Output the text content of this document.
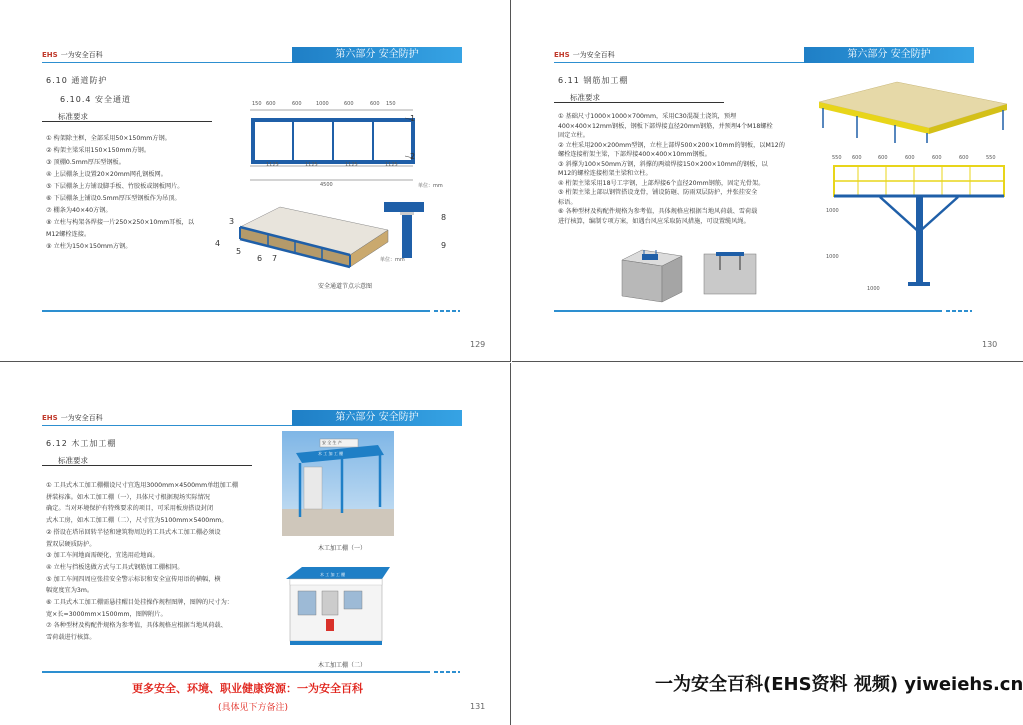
EHS 一为安全百科	第六部分 安全防护
6.10 通道防护
6.10.4 安全通道
标准要求
① 构架除主框，全部采用50×150mm方钢。
② 构架主梁采用150×150mm方钢。
③ 顶棚0.5mm厚压型钢板。
④ 上层棚条上设置20×20mm网孔钢板网。
⑤ 下层棚条上方铺设脚手板、竹胶板或钢板网片。
⑥ 下层棚条上铺设0.5mm厚压型钢板作为吊顶。
⑦ 棚条为40×40方钢。
⑧ 立柱与构架各焊接一片250×250×10mm耳板，以
M12螺栓连接。
⑨ 立柱为150×150mm方钢。
150 600	600	1000	600	600 150
1125	1125	1125	1125
4500	单位：mm
1
2
3
4
5
6 7
8
9
单位：mm
安全通道节点示意图
129
EHS 一为安全百科	第六部分 安全防护
6.11 钢筋加工棚
标准要求
① 基础尺寸1000×1000×700mm，采用C30混凝土浇筑，预埋
400×400×12mm钢板，钢板下部焊接直径20mm钢筋，并预埋4个M18螺栓
固定立柱。
② 立柱采用200×200mm型钢，立柱上部焊500×200×10mm的钢板，以M12的
螺栓连接桁架主梁，下部焊接400×400×10mm钢板。
③ 斜撑为100×50mm方钢，斜撑的两端焊接150×200×10mm的钢板，以
M12的螺栓连接桁架主梁和立柱。
④ 桁架主梁采用18号工字钢，上部焊接6个直径20mm钢筋，固定光骨架。
⑤ 桁架主梁上部以钢管搭设龙骨，铺设防砸、防雨双层防护，并张挂安全
标语。
⑥ 各种型材及构配件规格为参考值，具体规格应根据当地风荷载、雪荷载
进行核算，编制专项方案，如遇台风应采取防风措施，可设置缆风绳。
550 600	600	600	600	600	550
1000
1000
1000
130
EHS 一为安全百科	第六部分 安全防护
6.12 木工加工棚
标准要求
① 工具式木工加工棚棚设尺寸宜选用3000mm×4500mm单组加工棚
拼装标准。如木工加工棚（一），具体尺寸根据现场实际情况
确定。当对环境保护有特殊要求的项目，可采用板房搭设封闭
式木工房，如木工加工棚（二），尺寸宜为5100mm×5400mm。
② 搭设在塔吊回转半径和建筑物周边的工具式木工加工棚必须设
置双层硬质防护。
③ 加工车间地面需硬化，宜选用砼地面。
④ 立柱与挡板选做方式与工具式钢筋加工棚相同。
⑤ 加工车间四周应张挂安全警示标识和安全宣传用语的横幅，横
幅宽度宜为3m。
⑥ 工具式木工加工棚需悬挂醒目处挂操作规程图牌，图牌的尺寸为：
宽×长=3000mm×1500mm，图牌附片。
⑦ 各种型材及构配件规格为参考值，具体规格应根据当地风荷载、
雪荷载进行核算。
安 全 生 产
木 工 加 工 棚
木工加工棚（一）
木 工 加 工 棚
木工加工棚（二）
131
更多安全、环境、职业健康资源：一为安全百科
(具体见下方备注)
一为安全百科(EHS资料 视频) yiweiehs.cn
